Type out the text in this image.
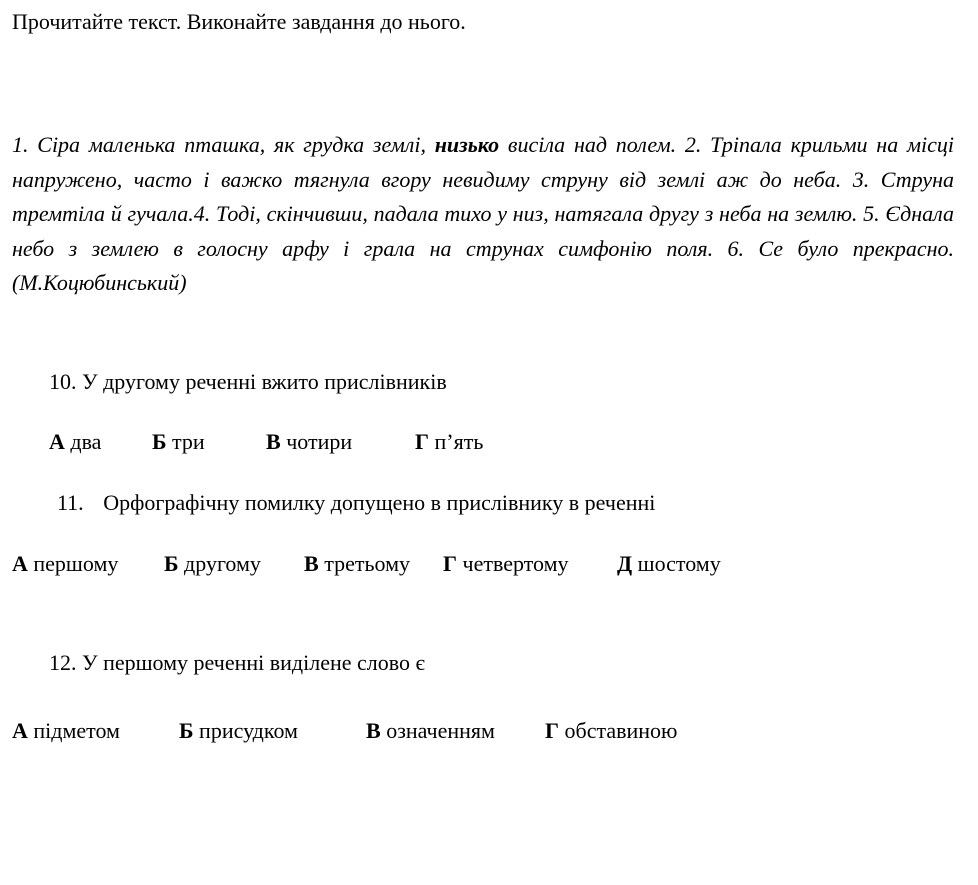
Прочитайте текст. Виконайте завдання до нього.
1. Сіра маленька пташка, як грудка землі, низько висіла над полем. 2. Тріпала крильми на місці напружено, часто і важко тягнула вгору невидиму струну від землі аж до неба. 3. Струна тремтіла й гучала.4. Тоді, скінчивши, падала тихо у низ, натягала другу з неба на землю. 5. Єднала небо з землею в голосну арфу і грала на струнах симфонію поля. 6. Се було прекрасно. (М.Коцюбинський)
10. У другому реченні вжито прислівників
А два Б три	В чотири	Г п’ять
11. Орфографічну помилку допущено в прислівнику в реченні
А першому Б другому В третьому Г четвертому Д шостому
12. У першому реченні виділене слово є
А підметом	Б присудком	В означенням Г обставиною
